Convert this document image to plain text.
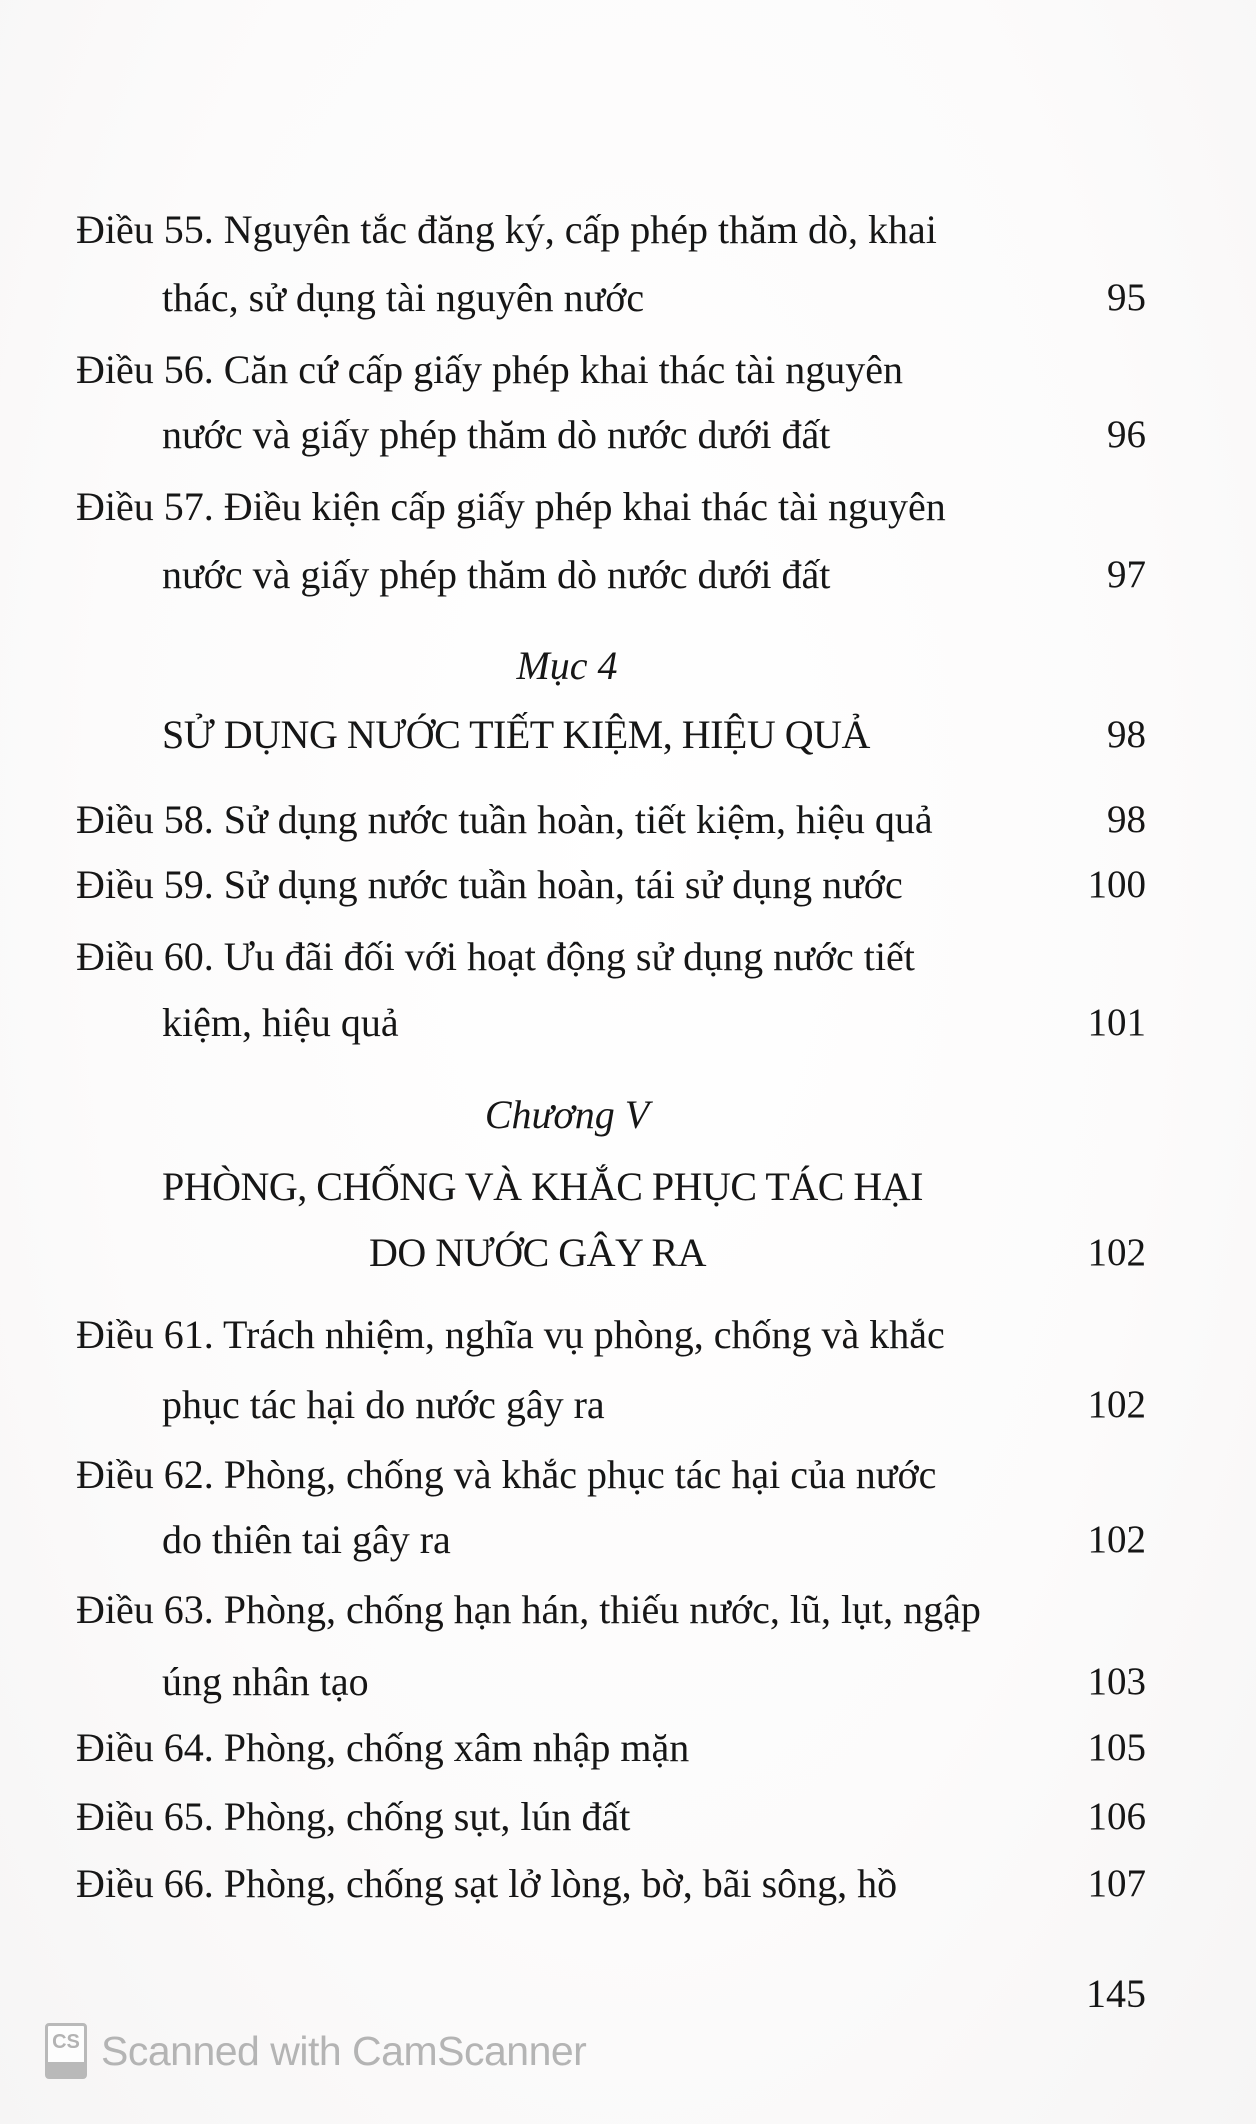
Điều 55. Nguyên tắc đăng ký, cấp phép thăm dò, khai
thác, sử dụng tài nguyên nước	95
Điều 56. Căn cứ cấp giấy phép khai thác tài nguyên
nước và giấy phép thăm dò nước dưới đất	96
Điều 57. Điều kiện cấp giấy phép khai thác tài nguyên
nước và giấy phép thăm dò nước dưới đất	97
Mục 4
SỬ DỤNG NƯỚC TIẾT KIỆM, HIỆU QUẢ	98
Điều 58. Sử dụng nước tuần hoàn, tiết kiệm, hiệu quả	98
Điều 59. Sử dụng nước tuần hoàn, tái sử dụng nước	100
Điều 60. Ưu đãi đối với hoạt động sử dụng nước tiết
kiệm, hiệu quả	101
Chương V
PHÒNG, CHỐNG VÀ KHẮC PHỤC TÁC HẠI
DO NƯỚC GÂY RA	102
Điều 61. Trách nhiệm, nghĩa vụ phòng, chống và khắc
phục tác hại do nước gây ra	102
Điều 62. Phòng, chống và khắc phục tác hại của nước
do thiên tai gây ra	102
Điều 63. Phòng, chống hạn hán, thiếu nước, lũ, lụt, ngập
úng nhân tạo	103
Điều 64. Phòng, chống xâm nhập mặn	105
Điều 65. Phòng, chống sụt, lún đất	106
Điều 66. Phòng, chống sạt lở lòng, bờ, bãi sông, hồ	107
145
CS Scanned with CamScanner
